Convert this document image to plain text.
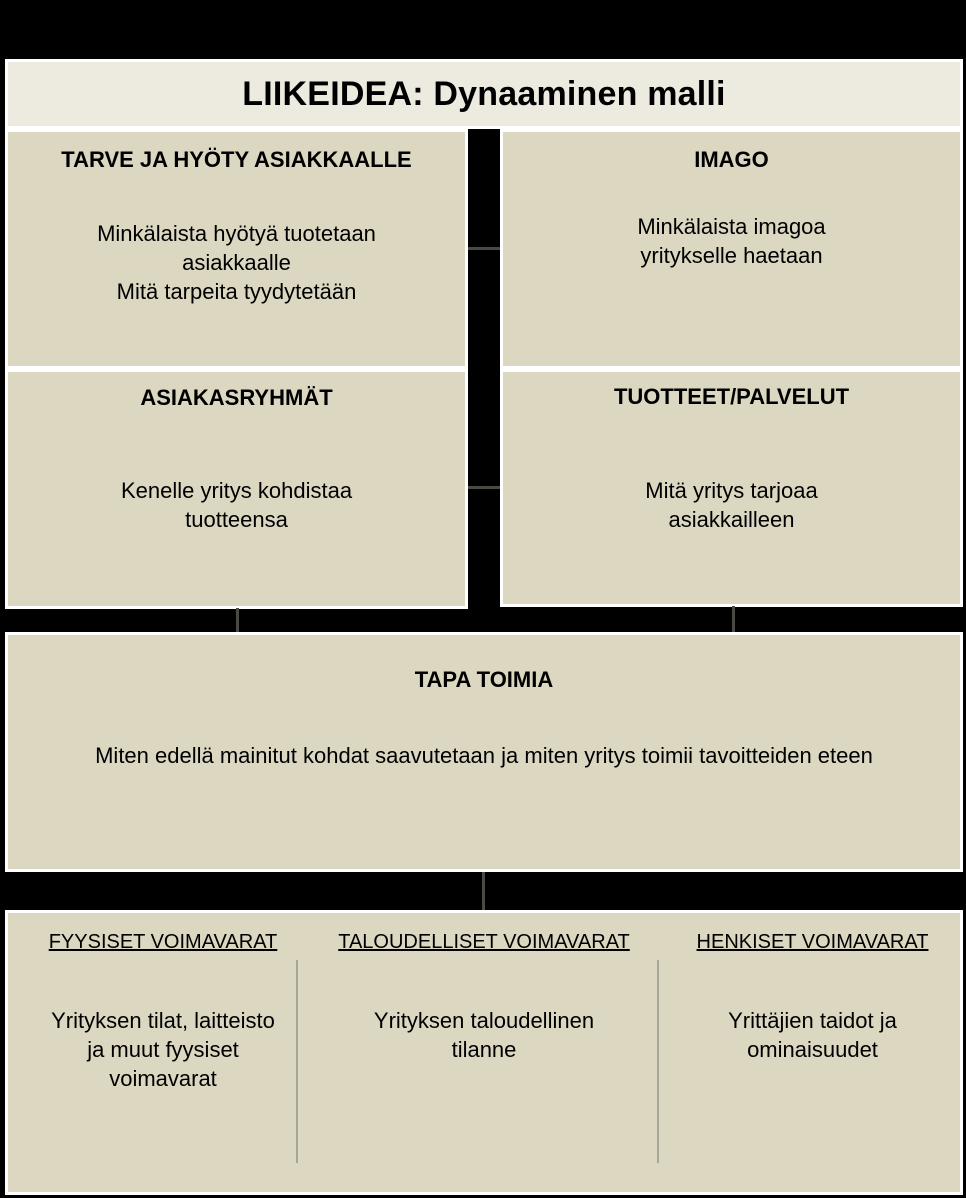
LIIKEIDEA: Dynaaminen malli
TARVE JA HYÖTY ASIAKKAALLE
Minkälaista hyötyä tuotetaan
asiakkaalle
Mitä tarpeita tyydytetään
IMAGO
Minkälaista imagoa
yritykselle haetaan
ASIAKASRYHMÄT
Kenelle yritys kohdistaa
tuotteensa
TUOTTEET/PALVELUT
Mitä yritys tarjoaa
asiakkailleen
TAPA TOIMIA
Miten edellä mainitut kohdat saavutetaan ja miten yritys toimii tavoitteiden eteen
FYYSISET VOIMAVARAT
Yrityksen tilat, laitteisto
ja muut fyysiset
voimavarat
TALOUDELLISET VOIMAVARAT
Yrityksen taloudellinen
tilanne
HENKISET VOIMAVARAT
Yrittäjien taidot ja
ominaisuudet
